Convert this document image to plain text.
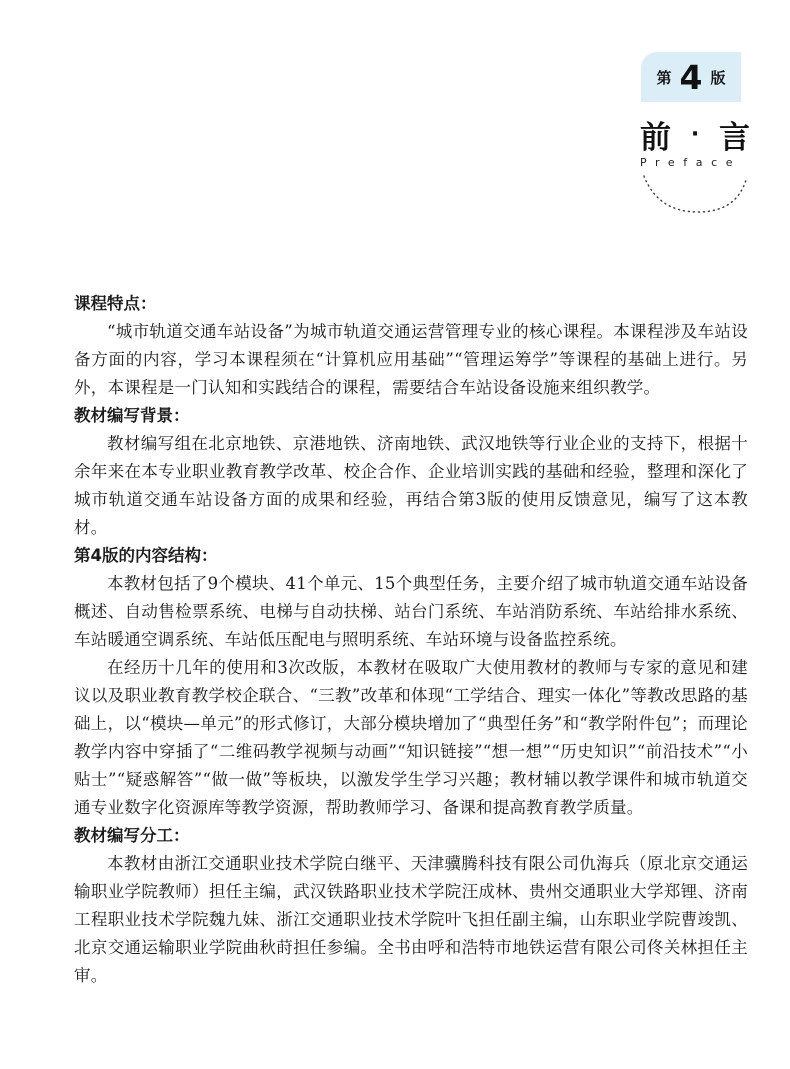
第 4 版
前 · 言
Preface
课程特点：

“城市轨道交通车站设备”为城市轨道交通运营管理专业的核心课程。本课程涉及车站设备方面的内容，学习本课程须在“计算机应用基础”“管理运筹学”等课程的基础上进行。另外，本课程是一门认知和实践结合的课程，需要结合车站设备设施来组织教学。

教材编写背景：

教材编写组在北京地铁、京港地铁、济南地铁、武汉地铁等行业企业的支持下，根据十余年来在本专业职业教育教学改革、校企合作、企业培训实践的基础和经验，整理和深化了城市轨道交通车站设备方面的成果和经验，再结合第3版的使用反馈意见，编写了这本教材。

第4版的内容结构：

本教材包括了9个模块、41个单元、15个典型任务，主要介绍了城市轨道交通车站设备概述、自动售检票系统、电梯与自动扶梯、站台门系统、车站消防系统、车站给排水系统、车站暖通空调系统、车站低压配电与照明系统、车站环境与设备监控系统。

在经历十几年的使用和3次改版，本教材在吸取广大使用教材的教师与专家的意见和建议以及职业教育教学校企联合、“三教”改革和体现“工学结合、理实一体化”等教改思路的基础上，以“模块—单元”的形式修订，大部分模块增加了“典型任务”和“教学附件包”；而理论教学内容中穿插了“二维码教学视频与动画”“知识链接”“想一想”“历史知识”“前沿技术”“小贴士”“疑惑解答”“做一做”等板块，以激发学生学习兴趣；教材辅以教学课件和城市轨道交通专业数字化资源库等教学资源，帮助教师学习、备课和提高教育教学质量。

教材编写分工：

本教材由浙江交通职业技术学院白继平、天津骥腾科技有限公司仇海兵（原北京交通运输职业学院教师）担任主编，武汉铁路职业技术学院汪成林、贵州交通职业大学郑锂、济南工程职业技术学院魏九妹、浙江交通职业技术学院叶飞担任副主编，山东职业学院曹竣凯、北京交通运输职业学院曲秋莳担任参编。全书由呼和浩特市地铁运营有限公司佟关林担任主审。
